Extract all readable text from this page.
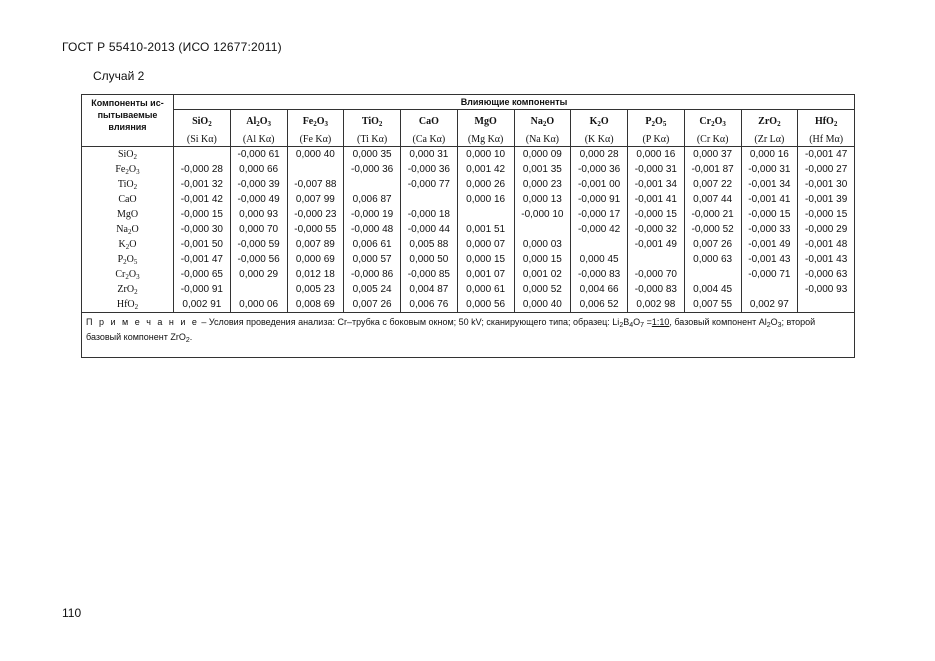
ГОСТ Р 55410-2013 (ИСО 12677:2011)
Случай 2
Компоненты ис-пытываемые влияния	Влияющие компоненты											
	SiO$_2$	$Al_2O_3$	$Fe_2O_3$	TiO$_2$	CaO	MgO	$Na_2O$	$K_2O$	$P_2O_5$	$Cr_2O_3$	ZrO$_2$	HfO$_2$
	(Si Kα)	(Al Kα)	(Fe Kα)	(Ti Kα)	(Ca Kα)	(Mg Kα)	(Na Kα)	(K Kα)	(P Kα)	(Cr Kα)	(Zr Lα)	(Hf Mα)
SiO$_2$		-0,000 61	0,000 40	0,000 35	0,000 31	0,000 10	0,000 09	0,000 28	0,000 16	0,000 37	0,000 16	-0,001 47
$Fe_2O_3$	-0,000 28	0,000 66		-0,000 36	-0,000 36	0,001 42	0,001 35	-0,000 36	-0,000 31	-0,001 87	-0,000 31	-0,000 27
TiO$_2$	-0,001 32	-0,000 39	-0,007 88		-0,000 77	0,000 26	0,000 23	-0,001 00	-0,001 34	0,007 22	-0,001 34	-0,001 30
CaO	-0,001 42	-0,000 49	0,007 99	0,006 87		0,000 16	0,000 13	-0,000 91	-0,001 41	0,007 44	-0,001 41	-0,001 39
MgO	-0,000 15	0,000 93	-0,000 23	-0,000 19	-0,000 18		-0,000 10	-0,000 17	-0,000 15	-0,000 21	-0,000 15	-0,000 15
$Na_2O$	-0,000 30	0,000 70	-0,000 55	-0,000 48	-0,000 44	0,001 51		-0,000 42	-0,000 32	-0,000 52	-0,000 33	-0,000 29
$K_2O$	-0,001 50	-0,000 59	0,007 89	0,006 61	0,005 88	0,000 07	0,000 03		-0,001 49	0,007 26	-0,001 49	-0,001 48
$P_2O_5$	-0,001 47	-0,000 56	0,000 69	0,000 57	0,000 50	0,000 15	0,000 15	0,000 45		0,000 63	-0,001 43	-0,001 43
$Cr_2O_3$	-0,000 65	0,000 29	0,012 18	-0,000 86	-0,000 85	0,001 07	0,001 02	-0,000 83	-0,000 70		-0,000 71	-0,000 63
ZrO$_2$	-0,000 91		0,005 23	0,005 24	0,004 87	0,000 61	0,000 52	0,004 66	-0,000 83	0,004 45		-0,000 93
HfO$_2$	0,002 91	0,000 06	0,008 69	0,007 26	0,006 76	0,000 56	0,000 40	0,006 52	0,002 98	0,007 55	0,002 97	
П р и м е ч а н и е – Условия проведения анализа: Cr–трубка с боковым окном; 50 kV; сканирующего типа; образец: $Li_2B_4O_7$ =1:10, базовый компонент $Al_2O_3$; второй базовый компонент ZrO$_2$.												
110
